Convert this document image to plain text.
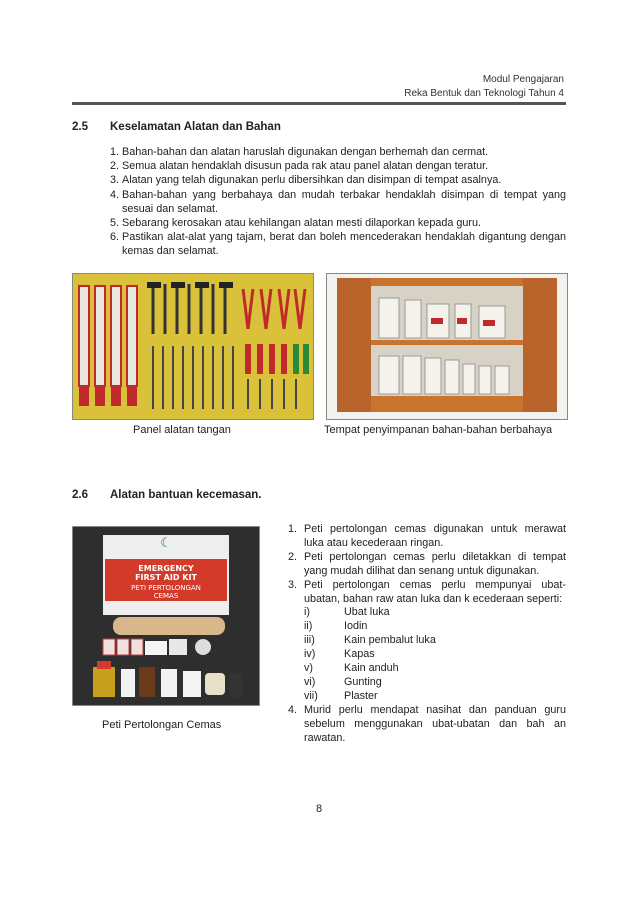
Modul Pengajaran
Reka Bentuk dan Teknologi Tahun 4
2.5 Keselamatan Alatan dan Bahan
1. Bahan-bahan dan alatan haruslah digunakan dengan berhemah dan cermat.
2. Semua alatan hendaklah disusun pada rak atau panel alatan dengan teratur.
3. Alatan yang telah digunakan perlu dibersihkan dan disimpan di tempat asalnya.
4. Bahan-bahan yang berbahaya dan mudah terbakar hendaklah disimpan di tempat yang sesuai dan selamat.
5. Sebarang kerosakan atau kehilangan alatan mesti dilaporkan kepada guru.
6. Pastikan alat-alat yang tajam, berat dan boleh mencederakan hendaklah digantung dengan kemas dan selamat.
Panel alatan tangan	Tempat penyimpanan bahan-bahan berbahaya
2.6 Alatan bantuan kecemasan.
☾
EMERGENCY
FIRST AID KIT
PETI PERTOLONGAN
CEMAS
Peti Pertolongan Cemas
1. Peti pertolongan cemas digunakan untuk merawat luka atau kecederaan ringan.
2. Peti pertolongan cemas perlu diletakkan di tempat yang mudah dilihat dan senang untuk digunakan.
3. Peti pertolongan cemas perlu mempunyai ubat-ubatan, bahan raw atan luka dan k ecederaan seperti:
i)	Ubat luka
ii)	Iodin
iii)	Kain pembalut luka
iv)	Kapas
v)	Kain anduh
vi)	Gunting
vii)	Plaster
4. Murid perlu mendapat nasihat dan panduan guru sebelum menggunakan ubat-ubatan dan bah an rawatan.
8
